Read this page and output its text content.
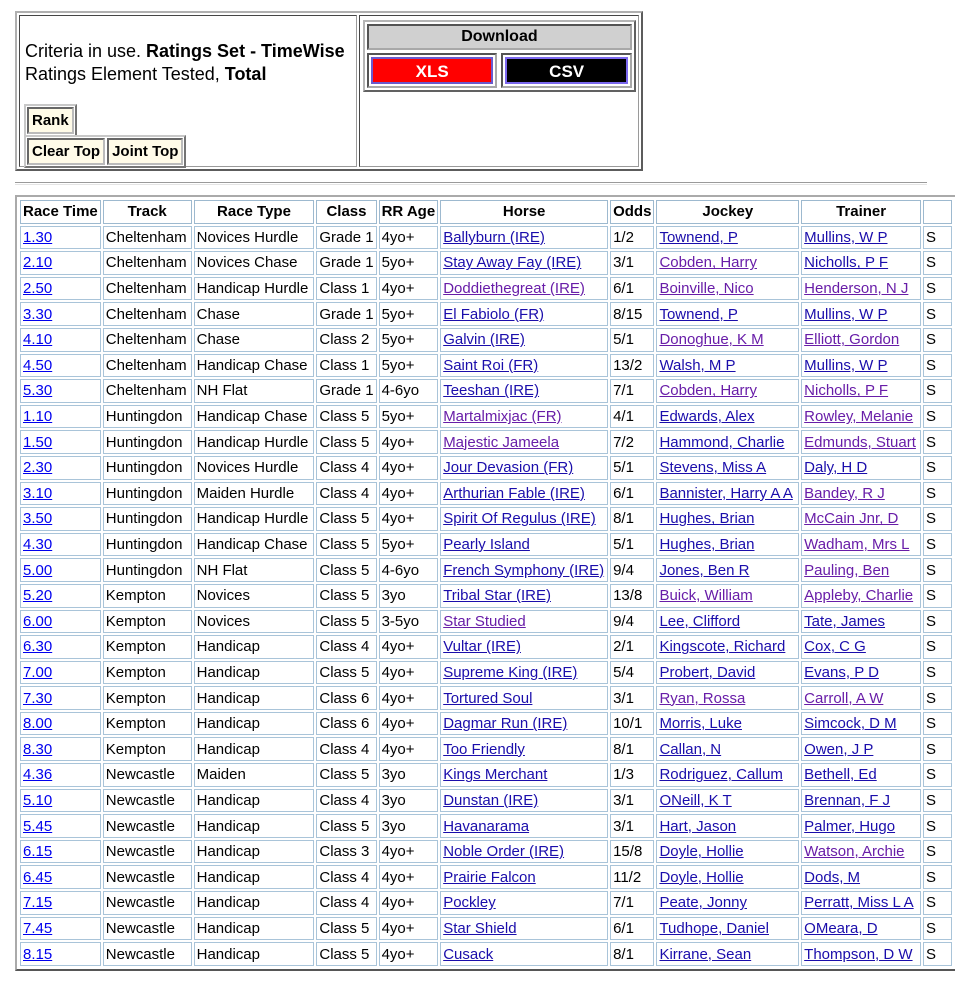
Criteria in use. Ratings Set - TimeWise
Ratings Element Tested, Total
Rank
Clear Top Joint Top
Download
XLS	CSV
Race Time	Track	Race Type	Class	RR Age	Horse	Odds	Jockey	Trainer	
1.30	Cheltenham	Novices Hurdle	Grade 1	4yo+	Ballyburn (IRE)	1/2	Townend, P	Mullins, W P	S
2.10	Cheltenham	Novices Chase	Grade 1	5yo+	Stay Away Fay (IRE)	3/1	Cobden, Harry	Nicholls, P F	S
2.50	Cheltenham	Handicap Hurdle	Class 1	4yo+	Doddiethegreat (IRE)	6/1	Boinville, Nico	Henderson, N J	S
3.30	Cheltenham	Chase	Grade 1	5yo+	El Fabiolo (FR)	8/15	Townend, P	Mullins, W P	S
4.10	Cheltenham	Chase	Class 2	5yo+	Galvin (IRE)	5/1	Donoghue, K M	Elliott, Gordon	S
4.50	Cheltenham	Handicap Chase	Class 1	5yo+	Saint Roi (FR)	13/2	Walsh, M P	Mullins, W P	S
5.30	Cheltenham	NH Flat	Grade 1	4-6yo	Teeshan (IRE)	7/1	Cobden, Harry	Nicholls, P F	S
1.10	Huntingdon	Handicap Chase	Class 5	5yo+	Martalmixjac (FR)	4/1	Edwards, Alex	Rowley, Melanie	S
1.50	Huntingdon	Handicap Hurdle	Class 5	4yo+	Majestic Jameela	7/2	Hammond, Charlie	Edmunds, Stuart	S
2.30	Huntingdon	Novices Hurdle	Class 4	4yo+	Jour Devasion (FR)	5/1	Stevens, Miss A	Daly, H D	S
3.10	Huntingdon	Maiden Hurdle	Class 4	4yo+	Arthurian Fable (IRE)	6/1	Bannister, Harry A A	Bandey, R J	S
3.50	Huntingdon	Handicap Hurdle	Class 5	4yo+	Spirit Of Regulus (IRE)	8/1	Hughes, Brian	McCain Jnr, D	S
4.30	Huntingdon	Handicap Chase	Class 5	5yo+	Pearly Island	5/1	Hughes, Brian	Wadham, Mrs L	S
5.00	Huntingdon	NH Flat	Class 5	4-6yo	French Symphony (IRE)	9/4	Jones, Ben R	Pauling, Ben	S
5.20	Kempton	Novices	Class 5	3yo	Tribal Star (IRE)	13/8	Buick, William	Appleby, Charlie	S
6.00	Kempton	Novices	Class 5	3-5yo	Star Studied	9/4	Lee, Clifford	Tate, James	S
6.30	Kempton	Handicap	Class 4	4yo+	Vultar (IRE)	2/1	Kingscote, Richard	Cox, C G	S
7.00	Kempton	Handicap	Class 5	4yo+	Supreme King (IRE)	5/4	Probert, David	Evans, P D	S
7.30	Kempton	Handicap	Class 6	4yo+	Tortured Soul	3/1	Ryan, Rossa	Carroll, A W	S
8.00	Kempton	Handicap	Class 6	4yo+	Dagmar Run (IRE)	10/1	Morris, Luke	Simcock, D M	S
8.30	Kempton	Handicap	Class 4	4yo+	Too Friendly	8/1	Callan, N	Owen, J P	S
4.36	Newcastle	Maiden	Class 5	3yo	Kings Merchant	1/3	Rodriguez, Callum	Bethell, Ed	S
5.10	Newcastle	Handicap	Class 4	3yo	Dunstan (IRE)	3/1	ONeill, K T	Brennan, F J	S
5.45	Newcastle	Handicap	Class 5	3yo	Havanarama	3/1	Hart, Jason	Palmer, Hugo	S
6.15	Newcastle	Handicap	Class 3	4yo+	Noble Order (IRE)	15/8	Doyle, Hollie	Watson, Archie	S
6.45	Newcastle	Handicap	Class 4	4yo+	Prairie Falcon	11/2	Doyle, Hollie	Dods, M	S
7.15	Newcastle	Handicap	Class 4	4yo+	Pockley	7/1	Peate, Jonny	Perratt, Miss L A	S
7.45	Newcastle	Handicap	Class 5	4yo+	Star Shield	6/1	Tudhope, Daniel	OMeara, D	S
8.15	Newcastle	Handicap	Class 5	4yo+	Cusack	8/1	Kirrane, Sean	Thompson, D W	S
